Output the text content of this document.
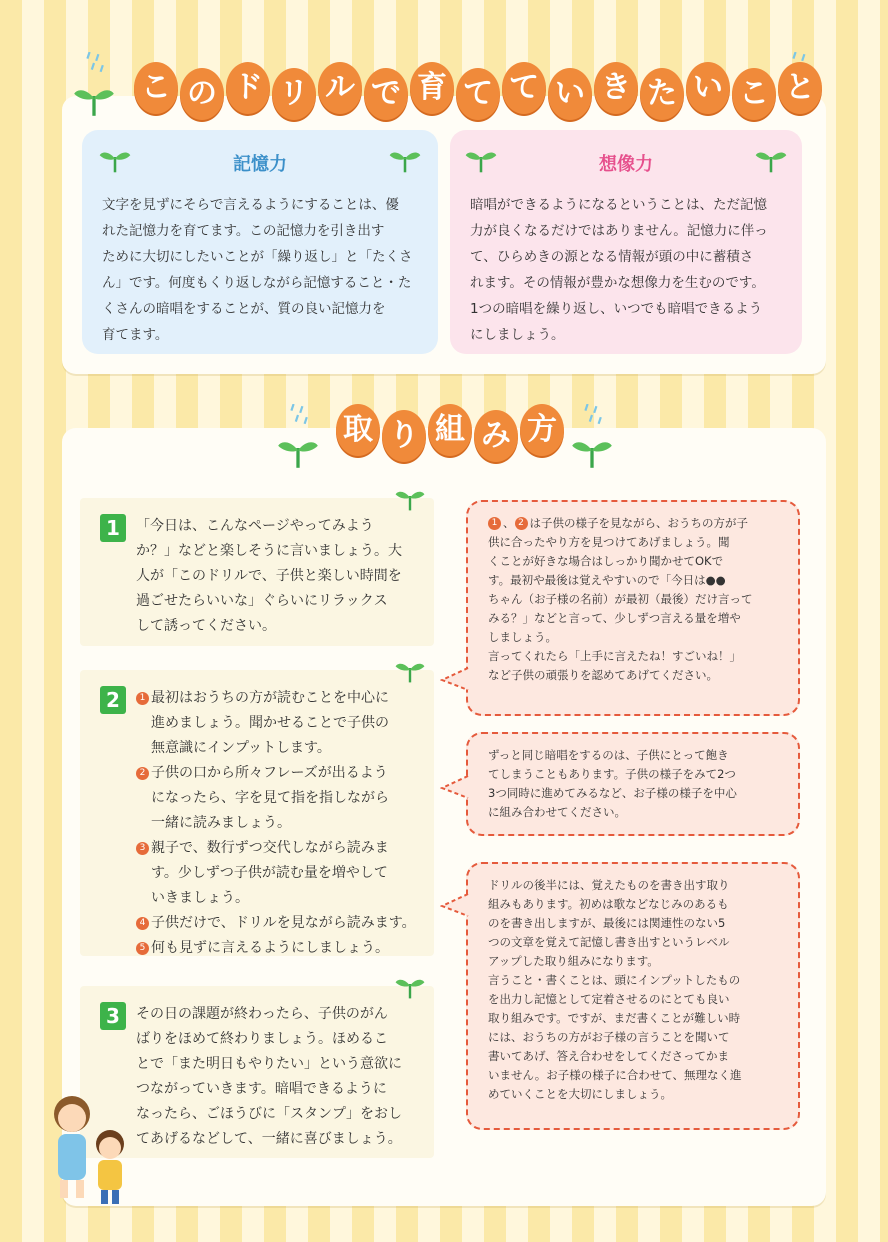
こ の ド リ ル で 育 て て い き た い こ と
記憶力
文字を見ずにそらで言えるようにすることは、優
れた記憶力を育てます。この記憶力を引き出す
ために大切にしたいことが「繰り返し」と「たくさ
ん」です。何度もくり返しながら記憶すること・た
くさんの暗唱をすることが、質の良い記憶力を
育てます。
想像力
暗唱ができるようになるということは、ただ記憶
力が良くなるだけではありません。記憶力に伴っ
て、ひらめきの源となる情報が頭の中に蓄積さ
れます。その情報が豊かな想像力を生むのです。
1つの暗唱を繰り返し、いつでも暗唱できるよう
にしましょう。
取 り 組 み 方
1	「今日は、こんなページやってみよう
か？」などと楽しそうに言いましょう。大
人が「このドリルで、子供と楽しい時間を
過ごせたらいいな」ぐらいにリラックス
して誘ってください。
2	1 最初はおうちの方が読むことを中心に
進めましょう。聞かせることで子供の
無意識にインプットします。
2 子供の口から所々フレーズが出るよう
になったら、字を見て指を指しながら
一緒に読みましょう。
3 親子で、数行ずつ交代しながら読みま
す。少しずつ子供が読む量を増やして
いきましょう。
4 子供だけで、ドリルを見ながら読みます。
5 何も見ずに言えるようにしましょう。
3	その日の課題が終わったら、子供のがん
ばりをほめて終わりましょう。ほめるこ
とで「また明日もやりたい」という意欲に
つながっていきます。暗唱できるように
なったら、ごほうびに「スタンプ」をおし
てあげるなどして、一緒に喜びましょう。
1 、 2 は子供の様子を見ながら、おうちの方が子
供に合ったやり方を見つけてあげましょう。聞
くことが好きな場合はしっかり聞かせてOKで
す。最初や最後は覚えやすいので「今日は●●
ちゃん（お子様の名前）が最初（最後）だけ言って
みる？」などと言って、少しずつ言える量を増や
しましょう。
言ってくれたら「上手に言えたね！すごいね！」
など子供の頑張りを認めてあげてください。
ずっと同じ暗唱をするのは、子供にとって飽き
てしまうこともあります。子供の様子をみて2つ
3つ同時に進めてみるなど、お子様の様子を中心
に組み合わせてください。
ドリルの後半には、覚えたものを書き出す取り
組みもあります。初めは歌などなじみのあるも
のを書き出しますが、最後には関連性のない5
つの文章を覚えて記憶し書き出すというレベル
アップした取り組みになります。
言うこと・書くことは、頭にインプットしたもの
を出力し記憶として定着させるのにとても良い
取り組みです。ですが、まだ書くことが難しい時
には、おうちの方がお子様の言うことを聞いて
書いてあげ、答え合わせをしてくださってかま
いません。お子様の様子に合わせて、無理なく進
めていくことを大切にしましょう。
